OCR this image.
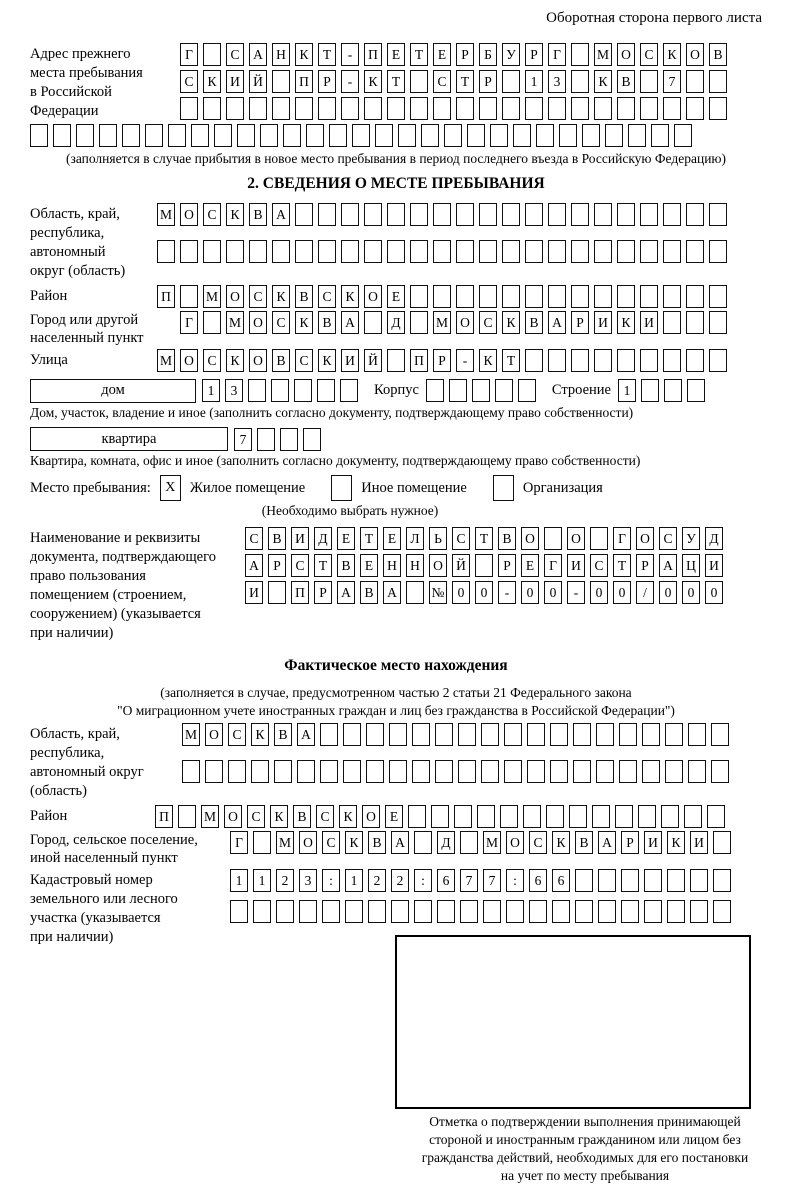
Оборотная сторона первого листа
Адрес прежнего
места пребывания
в Российской
Федерации
Г	С	А Н	К	Т	-	П	Е	Т	Е	Р	Б	У	Р	Г	М О	С	К	О	В
С	К	И Й	П	Р	-	К	Т	С	Т	Р	1	3	К	В	7
(заполняется в случае прибытия в новое место пребывания в период последнего въезда в Российскую Федерацию)
2. СВЕДЕНИЯ О МЕСТЕ ПРЕБЫВАНИЯ
Область, край,
республика,
автономный
округ (область)
М О	С	К	В	А
Район	П	М О	С	К	В	С	К	О	Е
Город или другой
населенный пункт
Г	М О	С	К	В	А	Д	М О	С	К	В	А	Р	И	К	И
Улица	М О	С	К	О	В	С	К	И Й	П	Р	-	К	Т
дом	1	3	Корпус	Строение 1
Дом, участок, владение и иное (заполнить согласно документу, подтверждающему право собственности)
квартира	7
Квартира, комната, офис и иное (заполнить согласно документу, подтверждающему право собственности)
Место пребывания:	Х Жилое помещение	Иное помещение	Организация
(Необходимо выбрать нужное)
Наименование и реквизиты
документа, подтверждающего
право пользования
помещением (строением,
сооружением) (указывается
при наличии)
С	В	И	Д	Е	Т	Е	Л	Ь	С	Т	В	О	О	Г	О	С	У	Д
А	Р	С	Т	В	Е	Н Н О Й	Р	Е	Г	И	С	Т	Р	А Ц И
И	П	Р	А	В	А	№ 0	0	-	0	0	-	0	0	/	0	0	0
Фактическое место нахождения
(заполняется в случае, предусмотренном частью 2 статьи 21 Федерального закона
"О миграционном учете иностранных граждан и лиц без гражданства в Российской Федерации")
Область, край,
республика,
автономный округ
(область)
М О	С	К	В	А
Район	П	М О	С	К	В	С	К	О	Е
Город, сельское поселение,
иной населенный пункт
Г	М О	С	К	В	А	Д	М О	С	К	В	А	Р	И	К	И
Кадастровый номер
земельного или лесного
участка (указывается
при наличии)
1	1	2	3	:	1	2	2	:	6	7	7	:	6	6
Отметка о подтверждении выполнения принимающей
стороной и иностранным гражданином или лицом без
гражданства действий, необходимых для его постановки
на учет по месту пребывания
